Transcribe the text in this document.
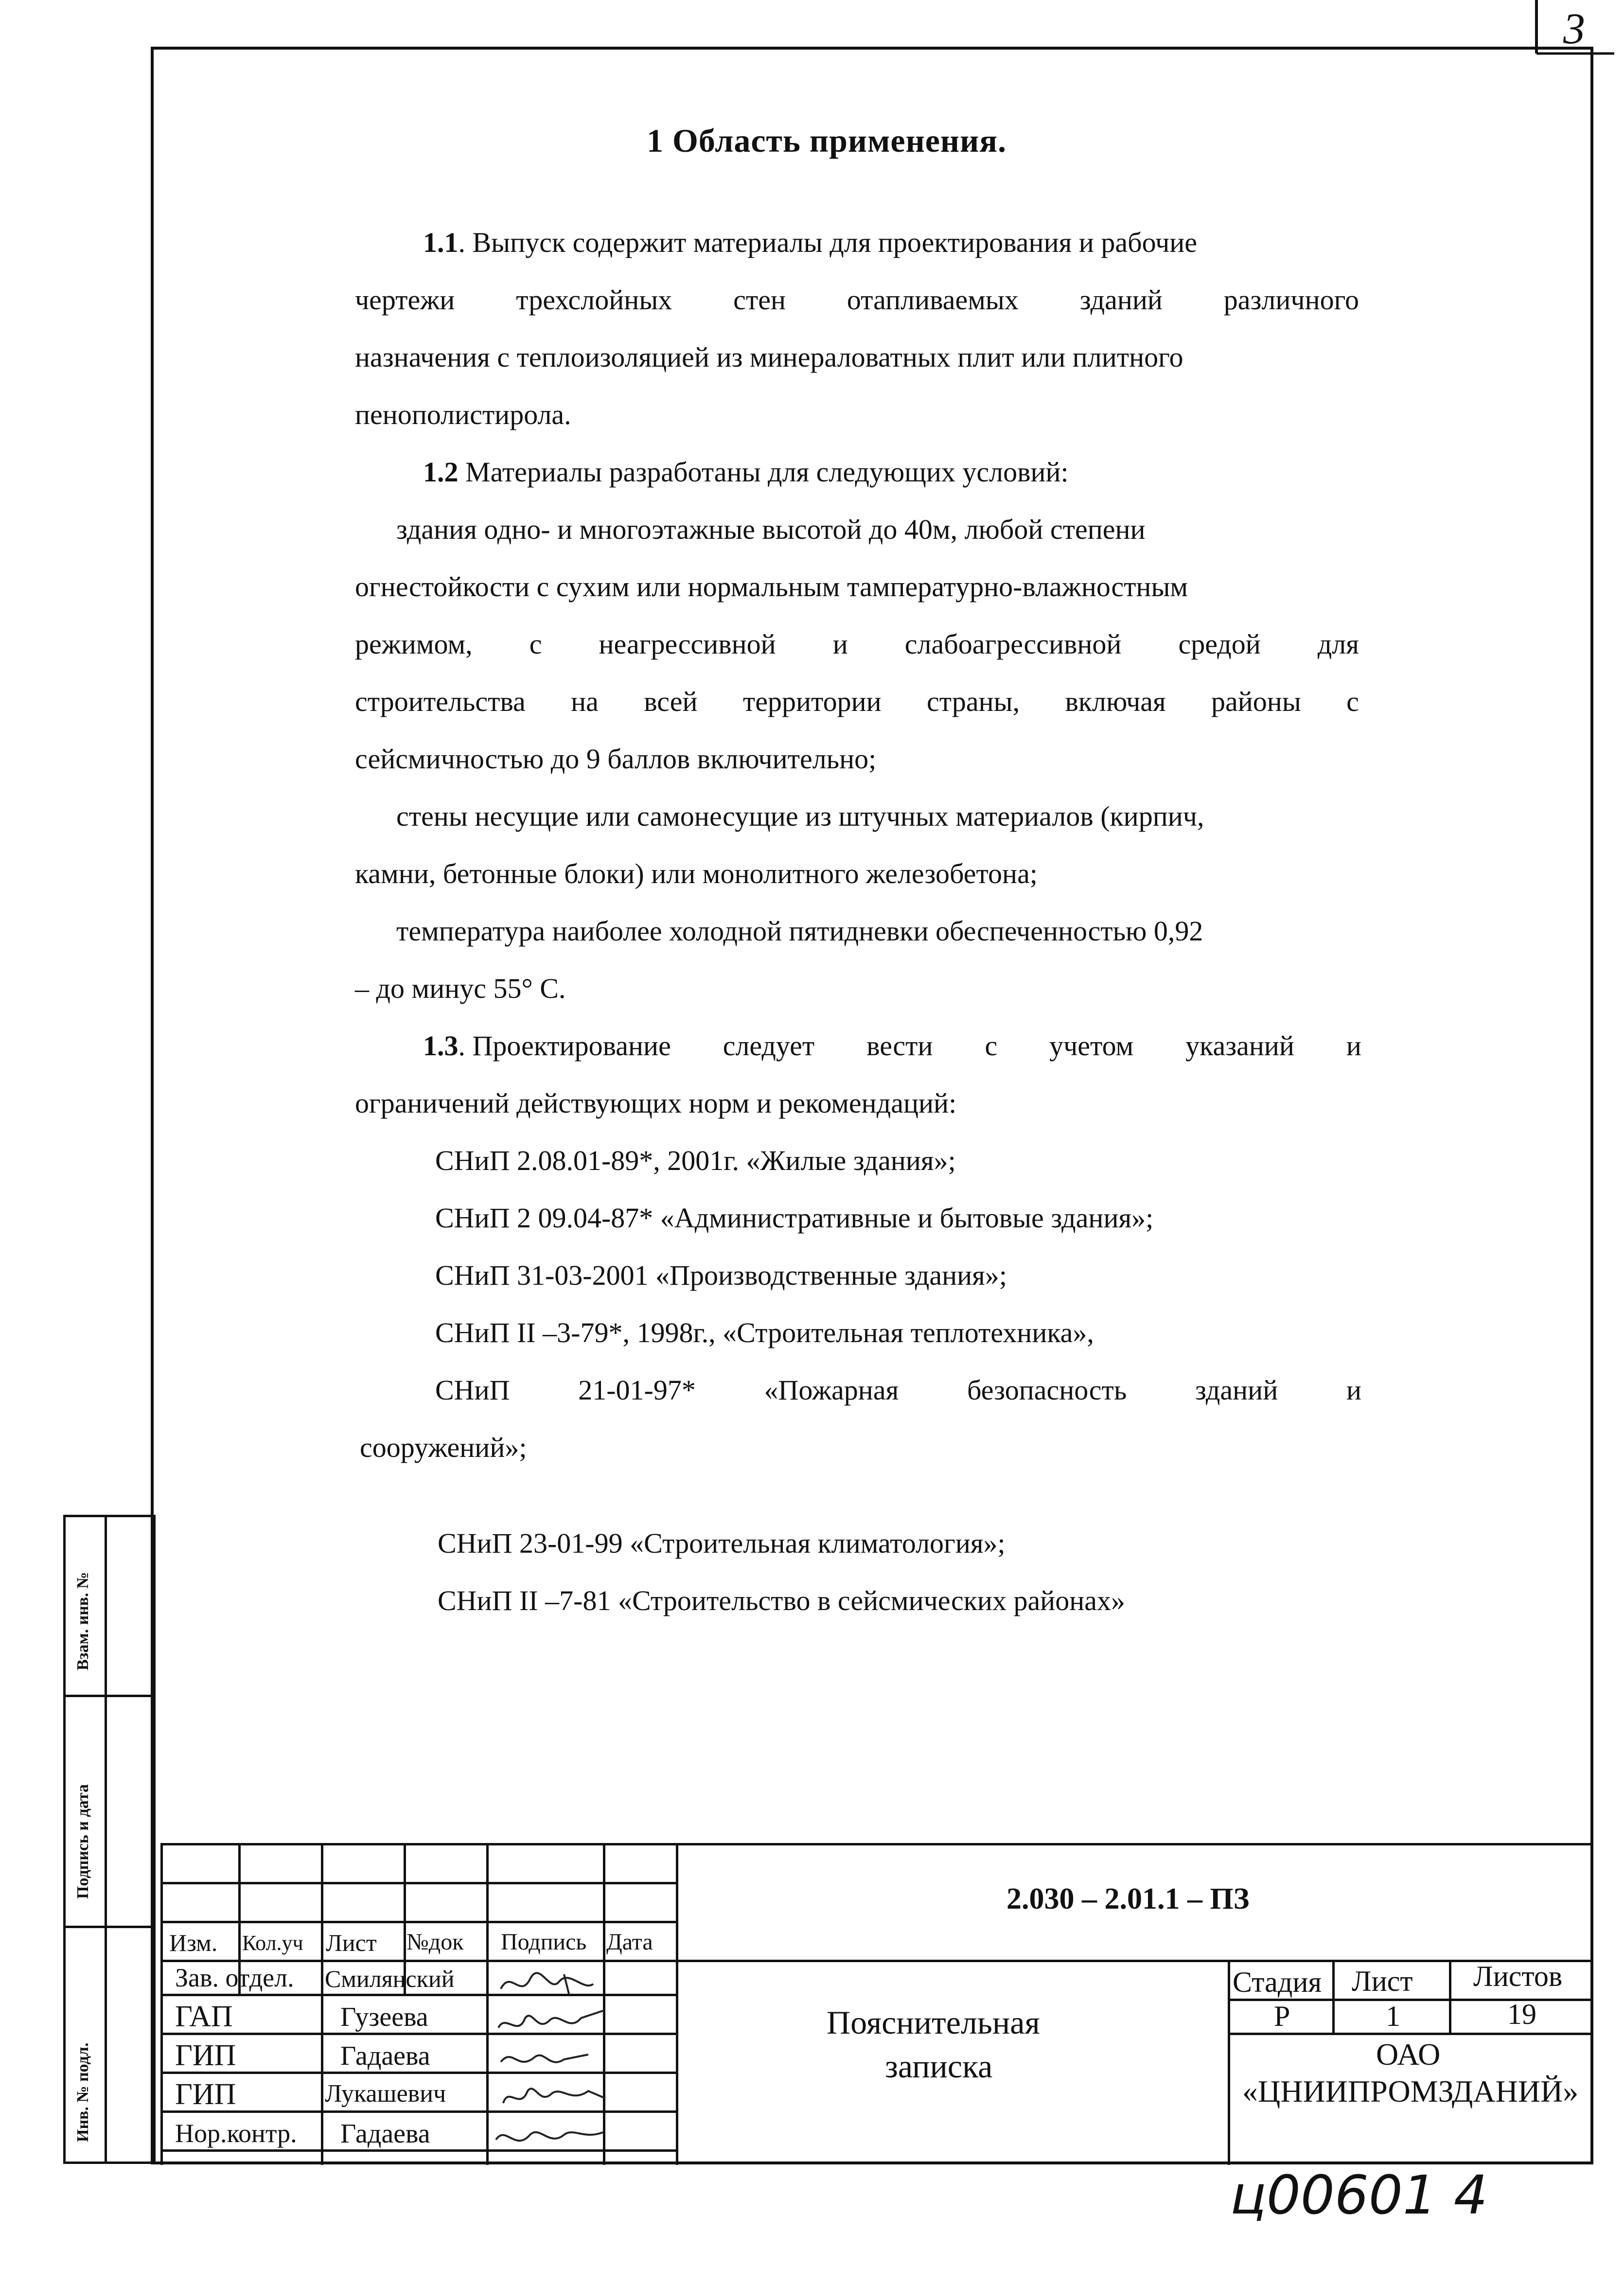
3
1 Область применения.
1.1. Выпуск содержит материалы для проектирования и рабочие
чертежи трехслойных стен отапливаемых зданий различного
назначения с теплоизоляцией из минераловатных плит или плитного
пенополистирола.
1.2 Материалы разработаны для следующих условий:
здания одно- и многоэтажные высотой до 40м, любой степени
огнестойкости с сухим или нормальным тампературно-влажностным
режимом, с неагрессивной и слабоагрессивной средой для
строительства на всей территории страны, включая районы с
сейсмичностью до 9 баллов включительно;
стены несущие или самонесущие из штучных материалов (кирпич,
камни, бетонные блоки) или монолитного железобетона;
температура наиболее холодной пятидневки обеспеченностью 0,92
– до минус 55° С.
1.3. Проектирование следует вести с учетом указаний и
ограничений действующих норм и рекомендаций:
СНиП 2.08.01-89*, 2001г. «Жилые здания»;
СНиП 2 09.04-87* «Административные и бытовые здания»;
СНиП 31-03-2001 «Производственные здания»;
СНиП II –3-79*, 1998г., «Строительная теплотехника»,
СНиП 21-01-97* «Пожарная безопасность зданий и
сооружений»;
СНиП 23-01-99 «Строительная климатология»;
СНиП II –7-81 «Строительство в сейсмических районах»
Взам. инв. №
Подпись и дата
Инв. № подл.
Изм. Кол.уч Лист №док Подпись Дата
Зав. отдел. Смилянский
ГАП	Гузеева
ГИП	Гадаева
ГИП	Лукашевич
Нор.контр. Гадаева
2.030 – 2.01.1 – ПЗ
Пояснительная
записка
Стадия Лист Листов
Р	1	19
ОАО
«ЦНИИПРОМЗДАНИЙ»
ц00601 4
